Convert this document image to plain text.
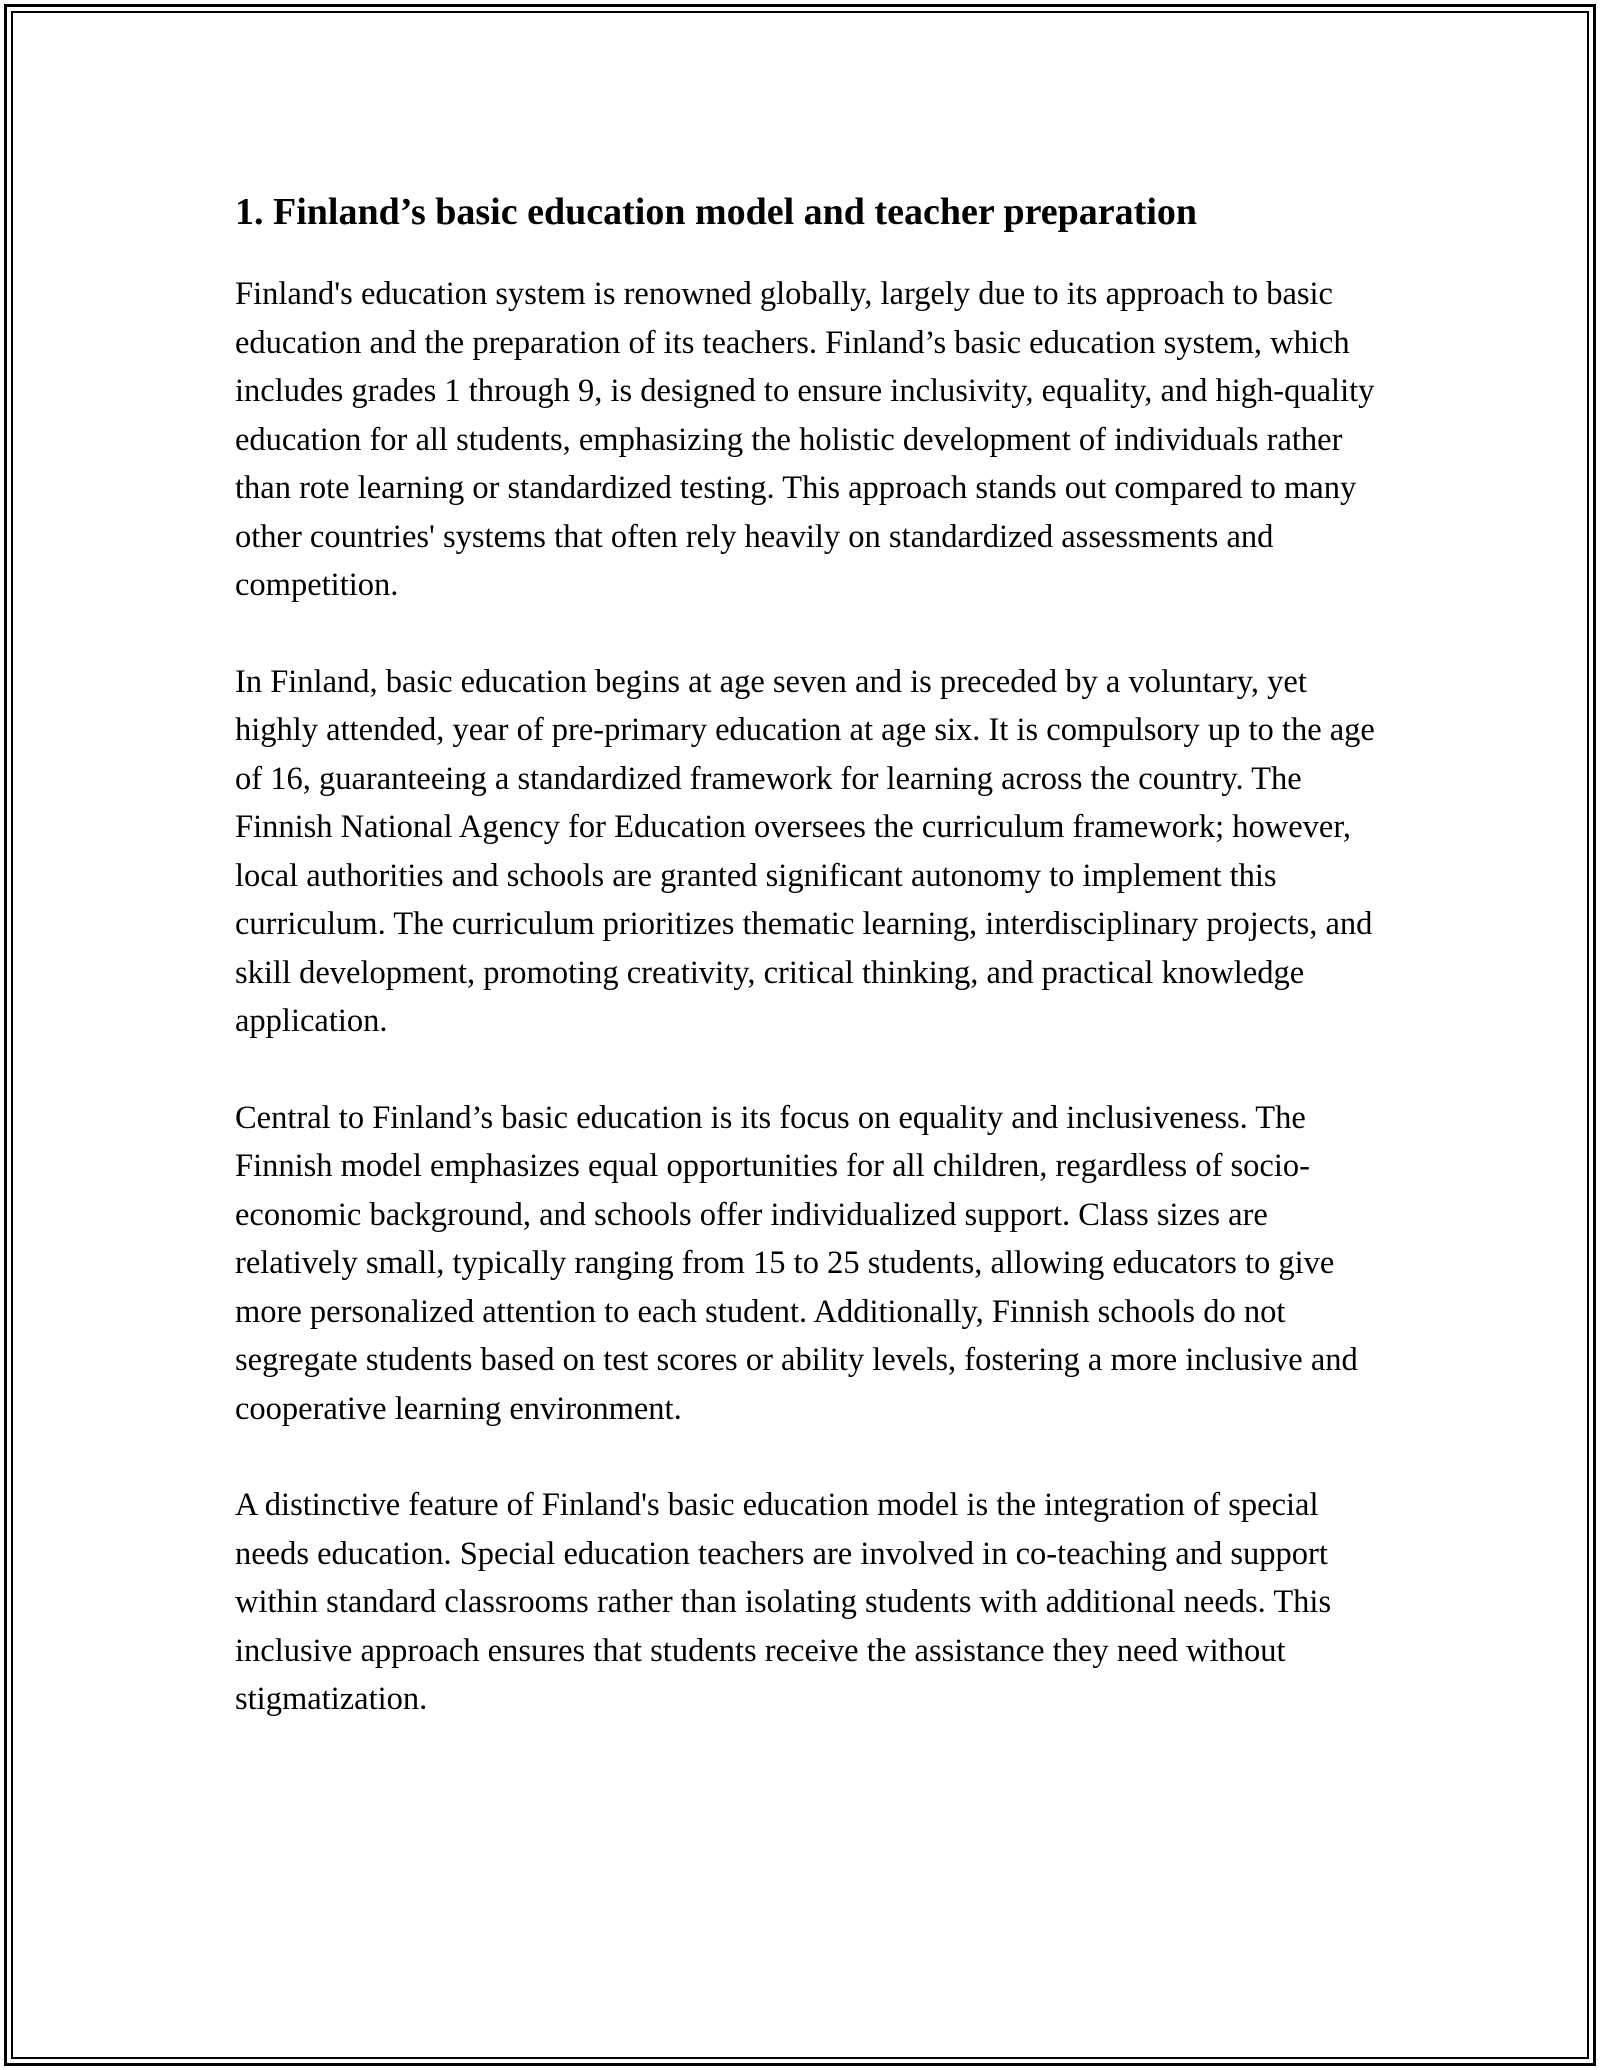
1. Finland’s basic education model and teacher preparation

Finland's education system is renowned globally, largely due to its approach to basic education and the preparation of its teachers. Finland’s basic education system, which includes grades 1 through 9, is designed to ensure inclusivity, equality, and high-quality education for all students, emphasizing the holistic development of individuals rather than rote learning or standardized testing. This approach stands out compared to many other countries' systems that often rely heavily on standardized assessments and competition.

In Finland, basic education begins at age seven and is preceded by a voluntary, yet highly attended, year of pre-primary education at age six. It is compulsory up to the age of 16, guaranteeing a standardized framework for learning across the country. The Finnish National Agency for Education oversees the curriculum framework; however, local authorities and schools are granted significant autonomy to implement this curriculum. The curriculum prioritizes thematic learning, interdisciplinary projects, and skill development, promoting creativity, critical thinking, and practical knowledge application.

Central to Finland’s basic education is its focus on equality and inclusiveness. The Finnish model emphasizes equal opportunities for all children, regardless of socio-economic background, and schools offer individualized support. Class sizes are relatively small, typically ranging from 15 to 25 students, allowing educators to give more personalized attention to each student. Additionally, Finnish schools do not segregate students based on test scores or ability levels, fostering a more inclusive and cooperative learning environment.

A distinctive feature of Finland's basic education model is the integration of special needs education. Special education teachers are involved in co-teaching and support within standard classrooms rather than isolating students with additional needs. This inclusive approach ensures that students receive the assistance they need without stigmatization.
